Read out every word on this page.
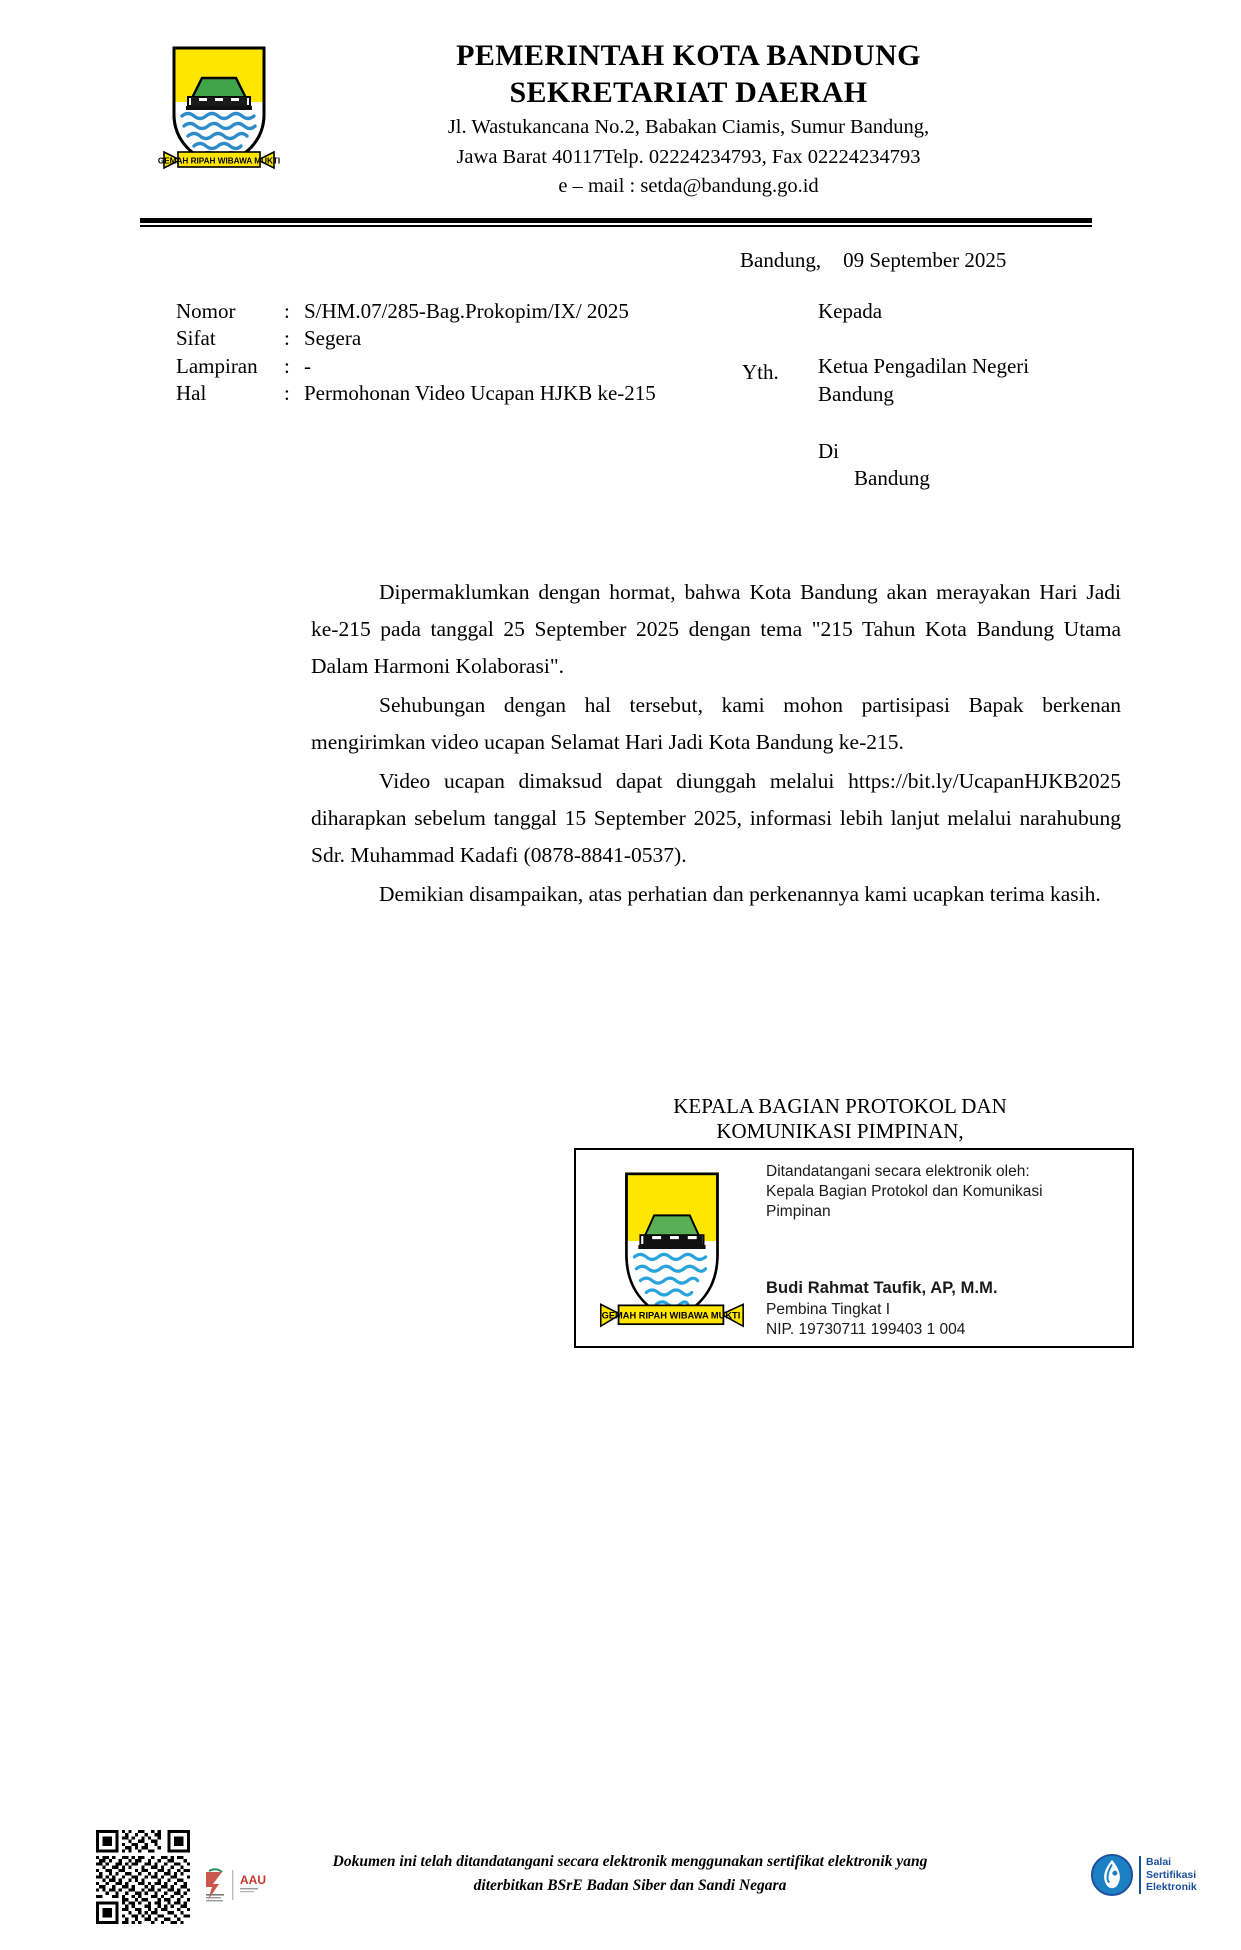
GEMAH RIPAH WIBAWA MUKTI
PEMERINTAH KOTA BANDUNG
SEKRETARIAT DAERAH
Jl. Wastukancana No.2, Babakan Ciamis, Sumur Bandung,
Jawa Barat 40117Telp. 02224234793, Fax 02224234793
e – mail : setda@bandung.go.id
Bandung, 09 September 2025
Nomor	: S/HM.07/285-Bag.Prokopim/IX/ 2025
Sifat	: Segera
Lampiran	: -
Hal	: Permohonan Video Ucapan HJKB ke-215
Yth.
Kepada
Ketua Pengadilan Negeri
Bandung
Di
Bandung

Dipermaklumkan dengan hormat, bahwa Kota Bandung akan merayakan Hari Jadi ke-215 pada tanggal 25 September 2025 dengan tema "215 Tahun Kota Bandung Utama Dalam Harmoni Kolaborasi".

Sehubungan dengan hal tersebut, kami mohon partisipasi Bapak berkenan mengirimkan video ucapan Selamat Hari Jadi Kota Bandung ke-215.

Video ucapan dimaksud dapat diunggah melalui https://bit.ly/UcapanHJKB2025 diharapkan sebelum tanggal 15 September 2025, informasi lebih lanjut melalui narahubung Sdr. Muhammad Kadafi (0878-8841-0537).

Demikian disampaikan, atas perhatian dan perkenannya kami ucapkan terima kasih.

KEPALA BAGIAN PROTOKOL DAN
KOMUNIKASI PIMPINAN,
GEMAH RIPAH WIBAWA MUKTI
Ditandatangani secara elektronik oleh:
Kepala Bagian Protokol dan Komunikasi
Pimpinan
Budi Rahmat Taufik, AP, M.M.
Pembina Tingkat I
NIP. 19730711 199403 1 004
AAU
Dokumen ini telah ditandatangani secara elektronik menggunakan sertifikat elektronik yang
diterbitkan BSrE Badan Siber dan Sandi Negara
Balai
Sertifikasi
Elektronik
